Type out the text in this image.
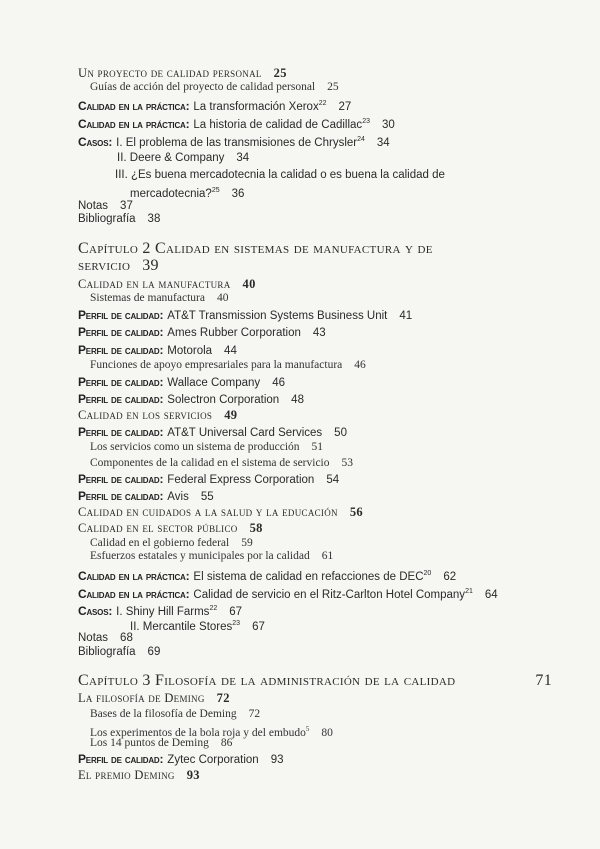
Un proyecto de calidad personal 25
Guías de acción del proyecto de calidad personal 25
Calidad en la práctica: La transformación Xerox$^{22}$ 27
Calidad en la práctica: La historia de calidad de Cadillac$^{23}$ 30
Casos: I. El problema de las transmisiones de Chrysler$^{24}$ 34
II. Deere & Company 34
III. ¿Es buena mercadotecnia la calidad o es buena la calidad de
mercadotecnia?$^{25}$ 36
Notas 37
Bibliografía 38
Capítulo 2 Calidad en sistemas de manufactura y de
servicio 39
Calidad en la manufactura 40
Sistemas de manufactura 40
Perfil de calidad: AT&T Transmission Systems Business Unit 41
Perfil de calidad: Ames Rubber Corporation 43
Perfil de calidad: Motorola 44
Funciones de apoyo empresariales para la manufactura 46
Perfil de calidad: Wallace Company 46
Perfil de calidad: Solectron Corporation 48
Calidad en los servicios 49
Perfil de calidad: AT&T Universal Card Services 50
Los servicios como un sistema de producción 51
Componentes de la calidad en el sistema de servicio 53
Perfil de calidad: Federal Express Corporation 54
Perfil de calidad: Avis 55
Calidad en cuidados a la salud y la educación 56
Calidad en el sector público 58
Calidad en el gobierno federal 59
Esfuerzos estatales y municipales por la calidad 61
Calidad en la práctica: El sistema de calidad en refacciones de DEC$^{20}$ 62
Calidad en la práctica: Calidad de servicio en el Ritz-Carlton Hotel Company$^{21}$ 64
Casos: I. Shiny Hill Farms$^{22}$ 67
II. Mercantile Stores$^{23}$ 67
Notas 68
Bibliografía 69
Capítulo 3 Filosofía de la administración de la calidad	71
La filosofía de Deming 72
Bases de la filosofía de Deming 72
Los experimentos de la bola roja y del embudo$^5$ 80
Los 14 puntos de Deming 86
Perfil de calidad: Zytec Corporation 93
El premio Deming 93
